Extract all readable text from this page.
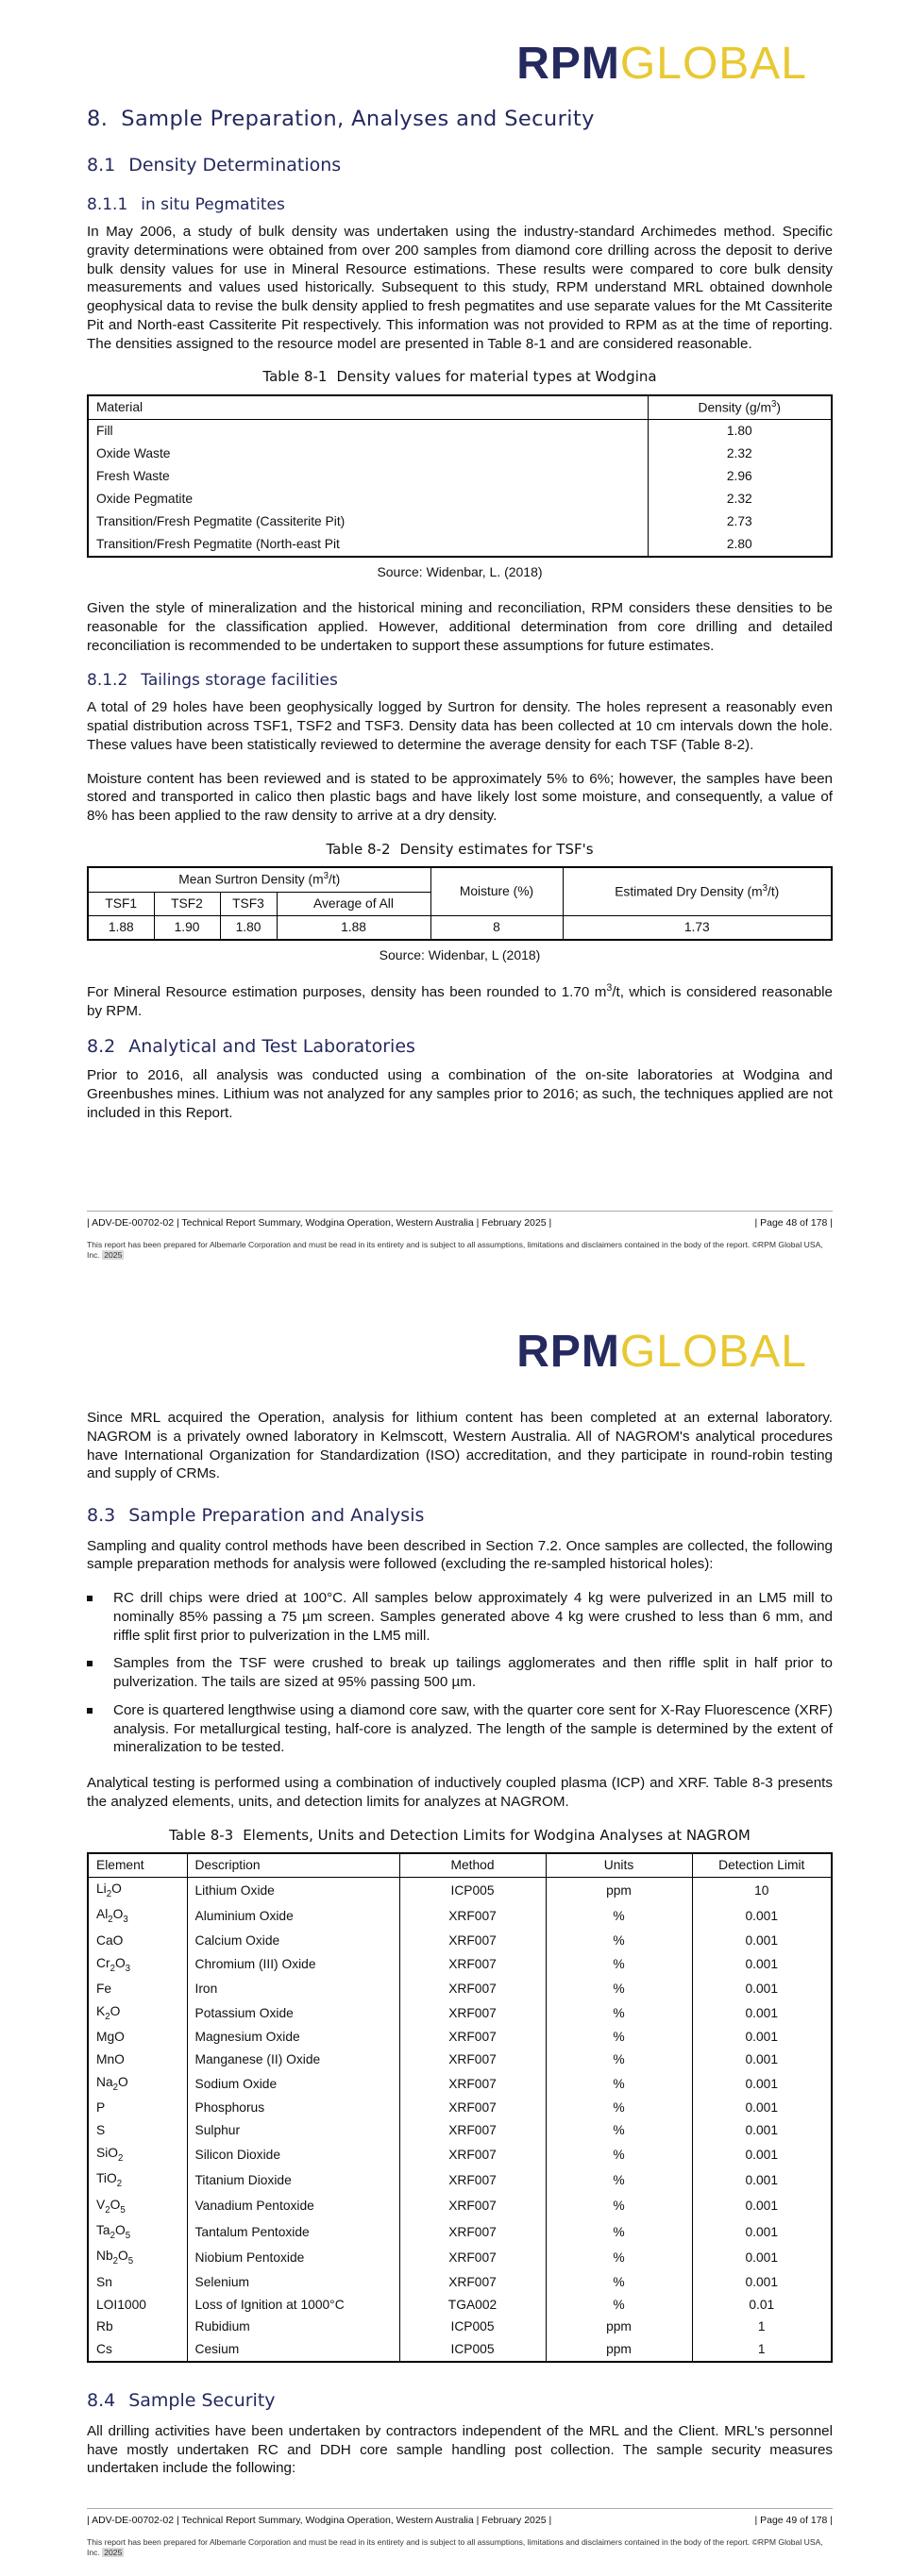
RPMGLOBAL
8. Sample Preparation, Analyses and Security
8.1 Density Determinations
8.1.1 in situ Pegmatites

In May 2006, a study of bulk density was undertaken using the industry-standard Archimedes method. Specific gravity determinations were obtained from over 200 samples from diamond core drilling across the deposit to derive bulk density values for use in Mineral Resource estimations. These results were compared to core bulk density measurements and values used historically. Subsequent to this study, RPM understand MRL obtained downhole geophysical data to revise the bulk density applied to fresh pegmatites and use separate values for the Mt Cassiterite Pit and North-east Cassiterite Pit respectively. This information was not provided to RPM as at the time of reporting. The densities assigned to the resource model are presented in Table 8-1 and are considered reasonable.

Table 8-1 Density values for material types at Wodgina
Material	Density $(g/m^3)$
Fill	1.80
Oxide Waste	2.32
Fresh Waste	2.96
Oxide Pegmatite	2.32
Transition/Fresh Pegmatite (Cassiterite Pit)	2.73
Transition/Fresh Pegmatite (North-east Pit	2.80
Source: Widenbar, L. (2018)

Given the style of mineralization and the historical mining and reconciliation, RPM considers these densities to be reasonable for the classification applied. However, additional determination from core drilling and detailed reconciliation is recommended to be undertaken to support these assumptions for future estimates.

8.1.2 Tailings storage facilities

A total of 29 holes have been geophysically logged by Surtron for density. The holes represent a reasonably even spatial distribution across TSF1, TSF2 and TSF3. Density data has been collected at 10 cm intervals down the hole. These values have been statistically reviewed to determine the average density for each TSF (Table 8-2).

Moisture content has been reviewed and is stated to be approximately 5% to 6%; however, the samples have been stored and transported in calico then plastic bags and have likely lost some moisture, and consequently, a value of 8% has been applied to the raw density to arrive at a dry density.

Table 8-2 Density estimates for TSF's
Mean Surtron Density $(m^3/t)$				Moisture (%)	Estimated Dry Density $(m^3/t)$
TSF1	TSF2	TSF3	Average of All		
1.88	1.90	1.80	1.88	8	1.73
Source: Widenbar, L (2018)

For Mineral Resource estimation purposes, density has been rounded to 1.70 $m^3/t$, which is considered reasonable by RPM.

8.2 Analytical and Test Laboratories

Prior to 2016, all analysis was conducted using a combination of the on-site laboratories at Wodgina and Greenbushes mines. Lithium was not analyzed for any samples prior to 2016; as such, the techniques applied are not included in this Report.

| ADV-DE-00702-02 | Technical Report Summary, Wodgina Operation, Western Australia | February 2025 |	| Page 48 of 178 |
This report has been prepared for Albemarle Corporation and must be read in its entirety and is subject to all assumptions, limitations and disclaimers contained in the body of the report. ©RPM Global USA, Inc. 2025
RPMGLOBAL

Since MRL acquired the Operation, analysis for lithium content has been completed at an external laboratory. NAGROM is a privately owned laboratory in Kelmscott, Western Australia. All of NAGROM's analytical procedures have International Organization for Standardization (ISO) accreditation, and they participate in round-robin testing and supply of CRMs.

8.3 Sample Preparation and Analysis

Sampling and quality control methods have been described in Section 7.2. Once samples are collected, the following sample preparation methods for analysis were followed (excluding the re-sampled historical holes):

RC drill chips were dried at 100°C. All samples below approximately 4 kg were pulverized in an LM5 mill to nominally 85% passing a 75 µm screen. Samples generated above 4 kg were crushed to less than 6 mm, and riffle split first prior to pulverization in the LM5 mill.
Samples from the TSF were crushed to break up tailings agglomerates and then riffle split in half prior to pulverization. The tails are sized at 95% passing 500 µm.
Core is quartered lengthwise using a diamond core saw, with the quarter core sent for X-Ray Fluorescence (XRF) analysis. For metallurgical testing, half-core is analyzed. The length of the sample is determined by the extent of mineralization to be tested.

Analytical testing is performed using a combination of inductively coupled plasma (ICP) and XRF. Table 8-3 presents the analyzed elements, units, and detection limits for analyzes at NAGROM.

Table 8-3 Elements, Units and Detection Limits for Wodgina Analyses at NAGROM
Element	Description	Method	Units	Detection Limit
$Li_2O$	Lithium Oxide	ICP005	ppm	10
$Al_2O_3$	Aluminium Oxide	XRF007	%	0.001
CaO	Calcium Oxide	XRF007	%	0.001
$Cr_2O_3$	Chromium (III) Oxide	XRF007	%	0.001
Fe	Iron	XRF007	%	0.001
$K_2O$	Potassium Oxide	XRF007	%	0.001
MgO	Magnesium Oxide	XRF007	%	0.001
MnO	Manganese (II) Oxide	XRF007	%	0.001
$Na_2O$	Sodium Oxide	XRF007	%	0.001
P	Phosphorus	XRF007	%	0.001
S	Sulphur	XRF007	%	0.001
SiO$_2$	Silicon Dioxide	XRF007	%	0.001
TiO$_2$	Titanium Dioxide	XRF007	%	0.001
$V_2O_5$	Vanadium Pentoxide	XRF007	%	0.001
$Ta_2O_5$	Tantalum Pentoxide	XRF007	%	0.001
$Nb_2O_5$	Niobium Pentoxide	XRF007	%	0.001
Sn	Selenium	XRF007	%	0.001
LOI1000	Loss of Ignition at 1000°C	TGA002	%	0.01
Rb	Rubidium	ICP005	ppm	1
Cs	Cesium	ICP005	ppm	1
8.4 Sample Security

All drilling activities have been undertaken by contractors independent of the MRL and the Client. MRL's personnel have mostly undertaken RC and DDH core sample handling post collection. The sample security measures undertaken include the following:

| ADV-DE-00702-02 | Technical Report Summary, Wodgina Operation, Western Australia | February 2025 |	| Page 49 of 178 |
This report has been prepared for Albemarle Corporation and must be read in its entirety and is subject to all assumptions, limitations and disclaimers contained in the body of the report. ©RPM Global USA, Inc. 2025
